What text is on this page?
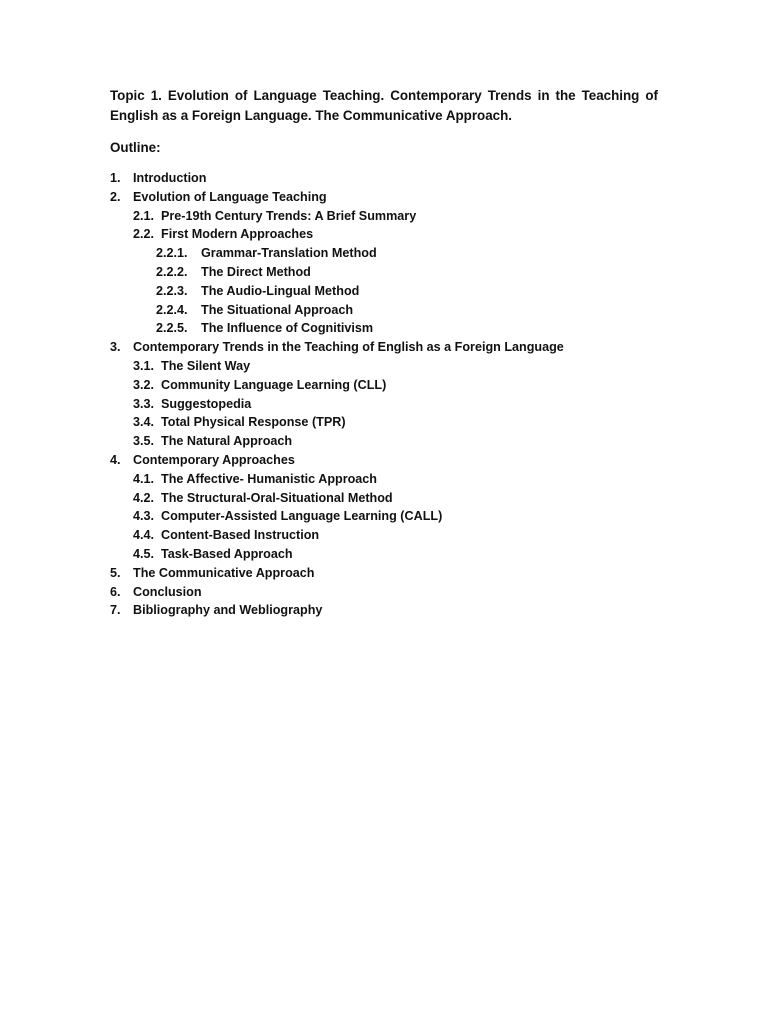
Topic 1. Evolution of Language Teaching. Contemporary Trends in the Teaching of English as a Foreign Language. The Communicative Approach.

Outline:
1. Introduction
2. Evolution of Language Teaching
2.1. Pre-19th Century Trends: A Brief Summary
2.2. First Modern Approaches
2.2.1.	Grammar-Translation Method
2.2.2.	The Direct Method
2.2.3.	The Audio-Lingual Method
2.2.4.	The Situational Approach
2.2.5.	The Influence of Cognitivism
3. Contemporary Trends in the Teaching of English as a Foreign Language
3.1. The Silent Way
3.2. Community Language Learning (CLL)
3.3. Suggestopedia
3.4. Total Physical Response (TPR)
3.5. The Natural Approach
4. Contemporary Approaches
4.1. The Affective- Humanistic Approach
4.2. The Structural-Oral-Situational Method
4.3. Computer-Assisted Language Learning (CALL)
4.4. Content-Based Instruction
4.5. Task-Based Approach
5. The Communicative Approach
6. Conclusion
7. Bibliography and Webliography
